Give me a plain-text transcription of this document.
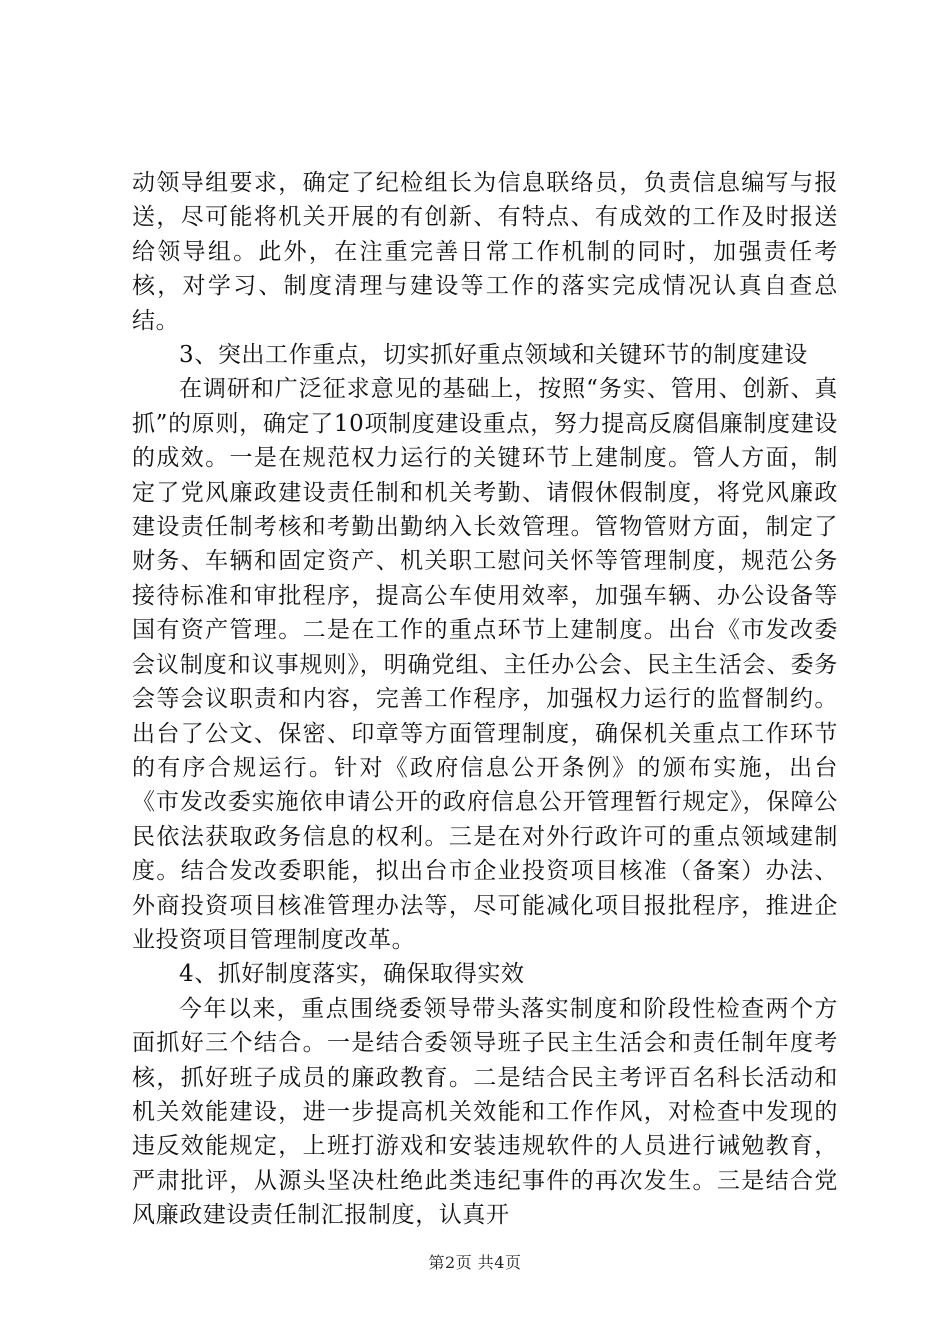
动领导组要求，确定了纪检组长为信息联络员，负责信息编写与报送，尽可能将机关开展的有创新、有特点、有成效的工作及时报送给领导组。此外，在注重完善日常工作机制的同时，加强责任考核，对学习、制度清理与建设等工作的落实完成情况认真自查总结。

3、突出工作重点，切实抓好重点领域和关键环节的制度建设

在调研和广泛征求意见的基础上，按照“务实、管用、创新、真抓”的原则，确定了10项制度建设重点，努力提高反腐倡廉制度建设的成效。一是在规范权力运行的关键环节上建制度。管人方面，制定了党风廉政建设责任制和机关考勤、请假休假制度，将党风廉政建设责任制考核和考勤出勤纳入长效管理。管物管财方面，制定了财务、车辆和固定资产、机关职工慰问关怀等管理制度，规范公务接待标准和审批程序，提高公车使用效率，加强车辆、办公设备等国有资产管理。二是在工作的重点环节上建制度。出台《市发改委会议制度和议事规则》，明确党组、主任办公会、民主生活会、委务会等会议职责和内容，完善工作程序，加强权力运行的监督制约。出台了公文、保密、印章等方面管理制度，确保机关重点工作环节的有序合规运行。针对《政府信息公开条例》的颁布实施，出台《市发改委实施依申请公开的政府信息公开管理暂行规定》，保障公民依法获取政务信息的权利。三是在对外行政许可的重点领域建制度。结合发改委职能，拟出台市企业投资项目核准（备案）办法、外商投资项目核准管理办法等，尽可能减化项目报批程序，推进企业投资项目管理制度改革。

4、抓好制度落实，确保取得实效

今年以来，重点围绕委领导带头落实制度和阶段性检查两个方面抓好三个结合。一是结合委领导班子民主生活会和责任制年度考核，抓好班子成员的廉政教育。二是结合民主考评百名科长活动和机关效能建设，进一步提高机关效能和工作作风，对检查中发现的违反效能规定，上班打游戏和安装违规软件的人员进行诫勉教育，严肃批评，从源头坚决杜绝此类违纪事件的再次发生。三是结合党风廉政建设责任制汇报制度，认真开

第2页 共4页
